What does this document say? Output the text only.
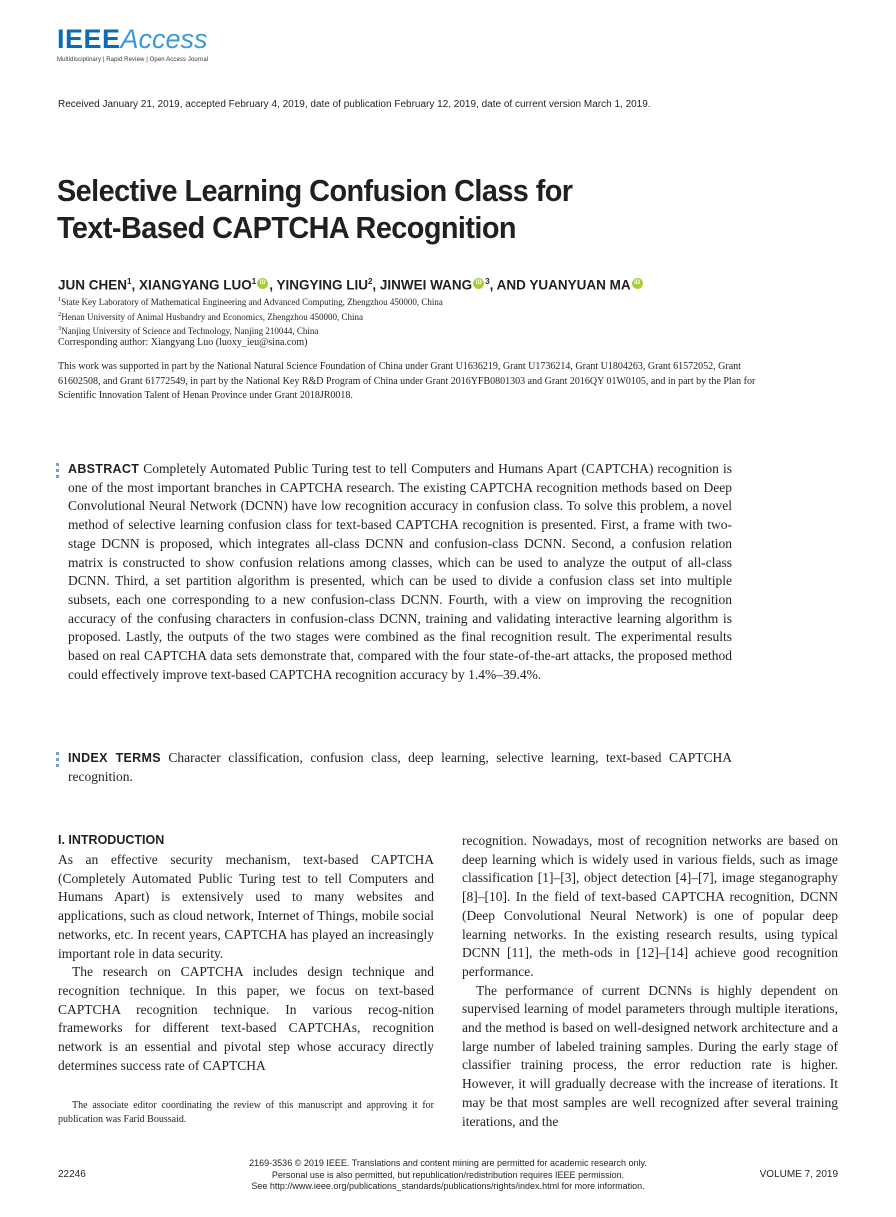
IEEEAccess
Multidisciplinary | Rapid Review | Open Access Journal
Received January 21, 2019, accepted February 4, 2019, date of publication February 12, 2019, date of current version March 1, 2019.
Selective Learning Confusion Class for
Text-Based CAPTCHA Recognition
JUN CHEN$^1$, XIANGYANG LUO$^1$ iD , YINGYING LIU$^2$, JINWEI WANG iD $^3$, AND YUANYUAN MA iD
$^1$State Key Laboratory of Mathematical Engineering and Advanced Computing, Zhengzhou 450000, China
$^2$Henan University of Animal Husbandry and Economics, Zhengzhou 450000, China
$^3$Nanjing University of Science and Technology, Nanjing 210044, China
Corresponding author: Xiangyang Luo (luoxy_ieu@sina.com)
This work was supported in part by the National Natural Science Foundation of China under Grant U1636219, Grant U1736214, Grant U1804263, Grant 61572052, Grant 61602508, and Grant 61772549, in part by the National Key R&D Program of China under Grant 2016YFB0801303 and Grant 2016QY 01W0105, and in part by the Plan for Scientific Innovation Talent of Henan Province under Grant 2018JR0018.
ABSTRACT Completely Automated Public Turing test to tell Computers and Humans Apart (CAPTCHA) recognition is one of the most important branches in CAPTCHA research. The existing CAPTCHA recognition methods based on Deep Convolutional Neural Network (DCNN) have low recognition accuracy in confusion class. To solve this problem, a novel method of selective learning confusion class for text-based CAPTCHA recognition is presented. First, a frame with two-stage DCNN is proposed, which integrates all-class DCNN and confusion-class DCNN. Second, a confusion relation matrix is constructed to show confusion relations among classes, which can be used to analyze the output of all-class DCNN. Third, a set partition algorithm is presented, which can be used to divide a confusion class set into multiple subsets, each one corresponding to a new confusion-class DCNN. Fourth, with a view on improving the recognition accuracy of the confusing characters in confusion-class DCNN, training and validating interactive learning algorithm is proposed. Lastly, the outputs of the two stages were combined as the final recognition result. The experimental results based on real CAPTCHA data sets demonstrate that, compared with the four state-of-the-art attacks, the proposed method could effectively improve text-based CAPTCHA recognition accuracy by 1.4%–39.4%.
INDEX TERMS Character classification, confusion class, deep learning, selective learning, text-based CAPTCHA recognition.
I. INTRODUCTION
As an effective security mechanism, text-based CAPTCHA (Completely Automated Public Turing test to tell Computers and Humans Apart) is extensively used to many websites and applications, such as cloud network, Internet of Things, mobile social networks, etc. In recent years, CAPTCHA has played an increasingly important role in data security.
The research on CAPTCHA includes design technique and recognition technique. In this paper, we focus on text-based CAPTCHA recognition technique. In various recog-nition frameworks for different text-based CAPTCHAs, recognition network is an essential and pivotal step whose accuracy directly determines success rate of CAPTCHA
recognition. Nowadays, most of recognition networks are based on deep learning which is widely used in various fields, such as image classification [1]–[3], object detection [4]–[7], image steganography [8]–[10]. In the field of text-based CAPTCHA recognition, DCNN (Deep Convolutional Neural Network) is one of popular deep learning networks. In the existing research results, using typical DCNN [11], the meth-ods in [12]–[14] achieve good recognition performance.
The performance of current DCNNs is highly dependent on supervised learning of model parameters through multiple iterations, and the method is based on well-designed network architecture and a large number of labeled training samples. During the early stage of classifier training process, the error reduction rate is higher. However, it will gradually decrease with the increase of iterations. It may be that most samples are well recognized after several training iterations, and the
The associate editor coordinating the review of this manuscript and approving it for publication was Farid Boussaid.
22246
2169-3536 © 2019 IEEE. Translations and content mining are permitted for academic research only.
Personal use is also permitted, but republication/redistribution requires IEEE permission.
See http://www.ieee.org/publications_standards/publications/rights/index.html for more information.
VOLUME 7, 2019
